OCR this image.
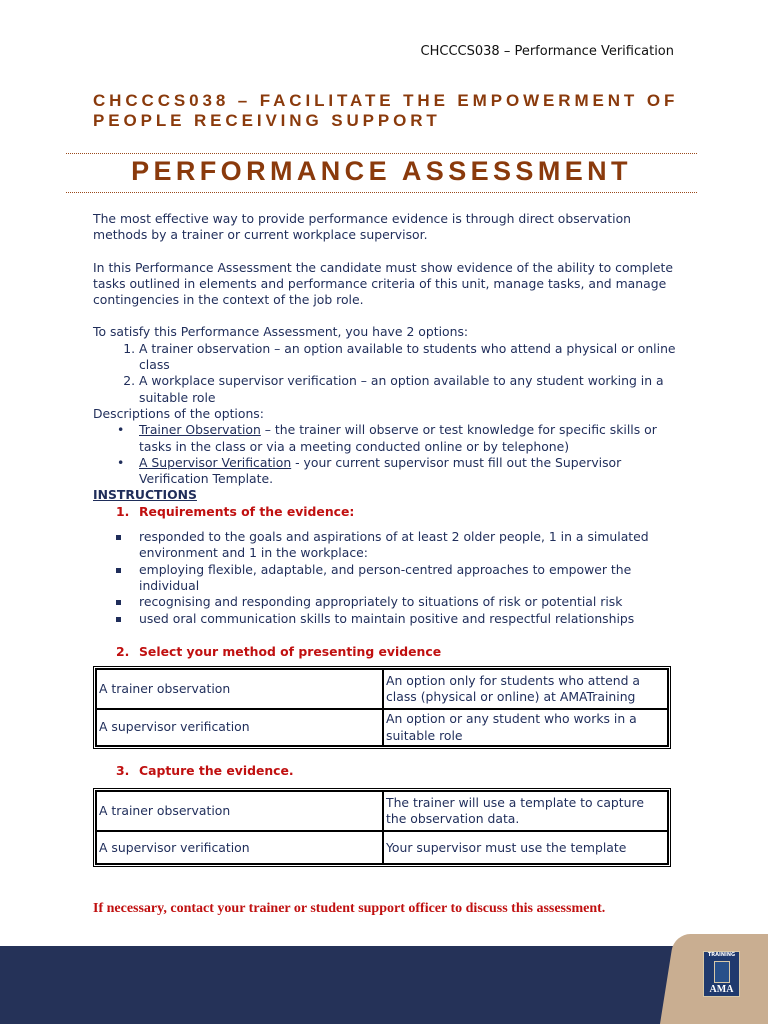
CHCCCS038 – Performance Verification
CHCCCS038 – FACILITATE THE EMPOWERMENT OF PEOPLE RECEIVING SUPPORT
PERFORMANCE ASSESSMENT

The most effective way to provide performance evidence is through direct observation methods by a trainer or current workplace supervisor.

In this Performance Assessment the candidate must show evidence of the ability to complete tasks outlined in elements and performance criteria of this unit, manage tasks, and manage contingencies in the context of the job role.

To satisfy this Performance Assessment, you have 2 options:

1. A trainer observation – an option available to students who attend a physical or online class
2. A workplace supervisor verification – an option available to any student working in a suitable role

Descriptions of the options:

• Trainer Observation – the trainer will observe or test knowledge for specific skills or tasks in the class or via a meeting conducted online or by telephone)
• A Supervisor Verification - your current supervisor must fill out the Supervisor Verification Template.

INSTRUCTIONS

1. Requirements of the evidence:

responded to the goals and aspirations of at least 2 older people, 1 in a simulated environment and 1 in the workplace:
employing flexible, adaptable, and person-centred approaches to empower the individual
recognising and responding appropriately to situations of risk or potential risk
used oral communication skills to maintain positive and respectful relationships

2. Select your method of presenting evidence

A trainer observation	An option only for students who attend a class (physical or online) at AMATraining
A supervisor verification	An option or any student who works in a suitable role

3. Capture the evidence.

A trainer observation	The trainer will use a template to capture the observation data.
A supervisor verification	Your supervisor must use the template
If necessary, contact your trainer or student support officer to discuss this assessment.
TRAINING
AMA
